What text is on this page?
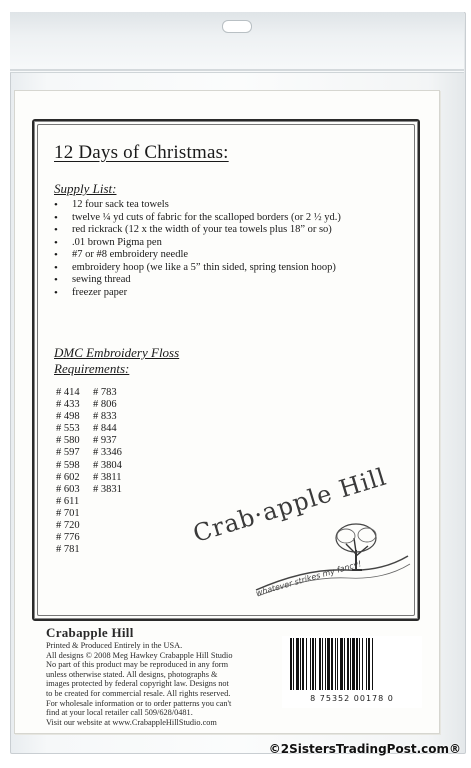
12 Days of Christmas:
Supply List:
• 12 four sack tea towels
• twelve ¼ yd cuts of fabric for the scalloped borders (or 2 ½ yd.)
• red rickrack (12 x the width of your tea towels plus 18” or so)
• .01 brown Pigma pen
• #7 or #8 embroidery needle
• embroidery hoop (we like a 5” thin sided, spring tension hoop)
• sewing thread
• freezer paper
DMC Embroidery Floss
Requirements:
# 414
# 433
# 498
# 553
# 580
# 597
# 598
# 602
# 603
# 611
# 701
# 720
# 776
# 781
# 783
# 806
# 833
# 844
# 937
# 3346
# 3804
# 3811
# 3831	Crab·apple Hill
whatever strikes my fancy!
Crabapple Hill
Printed & Produced Entirely in the USA.
All designs © 2008 Meg Hawkey Crabapple Hill Studio
No part of this product may be reproduced in any form
unless otherwise stated. All designs, photographs &
images protected by federal copyright law. Designs not
to be created for commercial resale. All rights reserved.
For wholesale information or to order patterns you can't
find at your local retailer call 509/628/0481.
Visit our website at www.CrabappleHillStudio.com
8 75352 00178 0
©2SistersTradingPost.com®
